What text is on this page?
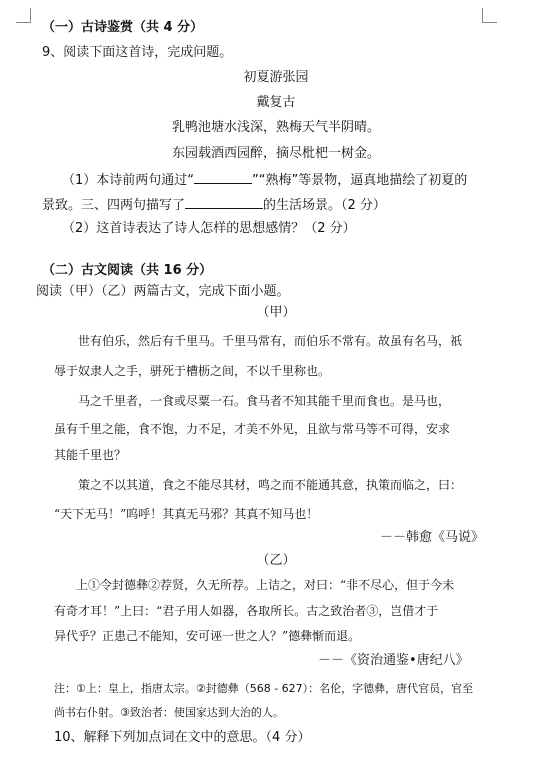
（一）古诗鉴赏（共 4 分）
9、阅读下面这首诗，完成问题。
初夏游张园
戴复古
乳鸭池塘水浅深，熟梅天气半阴晴。
东园载酒西园醉，摘尽枇杷一树金。
（1）本诗前两句通过“	”“熟梅”等景物，逼真地描绘了初夏的
景致。三、四两句描写了	的生活场景。（2 分）
（2）这首诗表达了诗人怎样的思想感情？（2 分）
（二）古文阅读（共 16 分）
阅读（甲）（乙）两篇古文，完成下面小题。
（甲）
世有伯乐，然后有千里马。千里马常有，而伯乐不常有。故虽有名马，祇
辱于奴隶人之手，骈死于槽枥之间，不以千里称也。
马之千里者，一食或尽粟一石。食马者不知其能千里而食也。是马也，
虽有千里之能，食不饱，力不足，才美不外见，且欲与常马等不可得，安求
其能千里也？
策之不以其道，食之不能尽其材，鸣之而不能通其意，执策而临之，曰：
“天下无马！”呜呼！其真无马邪？其真不知马也！
－－韩愈《马说》
（乙）
上①令封德彝②荐贤，久无所荐。上诘之，对曰：“非不尽心，但于今未
有奇才耳！”上曰：“君子用人如器，各取所长。古之致治者③，岂借才于
异代乎？正患己不能知，安可诬一世之人？”德彝惭而退。
－－《资治通鉴•唐纪八》
注：①上：皇上，指唐太宗。②封德彝（568 - 627）：名伦，字德彝，唐代官员，官至
尚书右仆射。③致治者：使国家达到大治的人。
10、解释下列加点词在文中的意思。（4 分）
